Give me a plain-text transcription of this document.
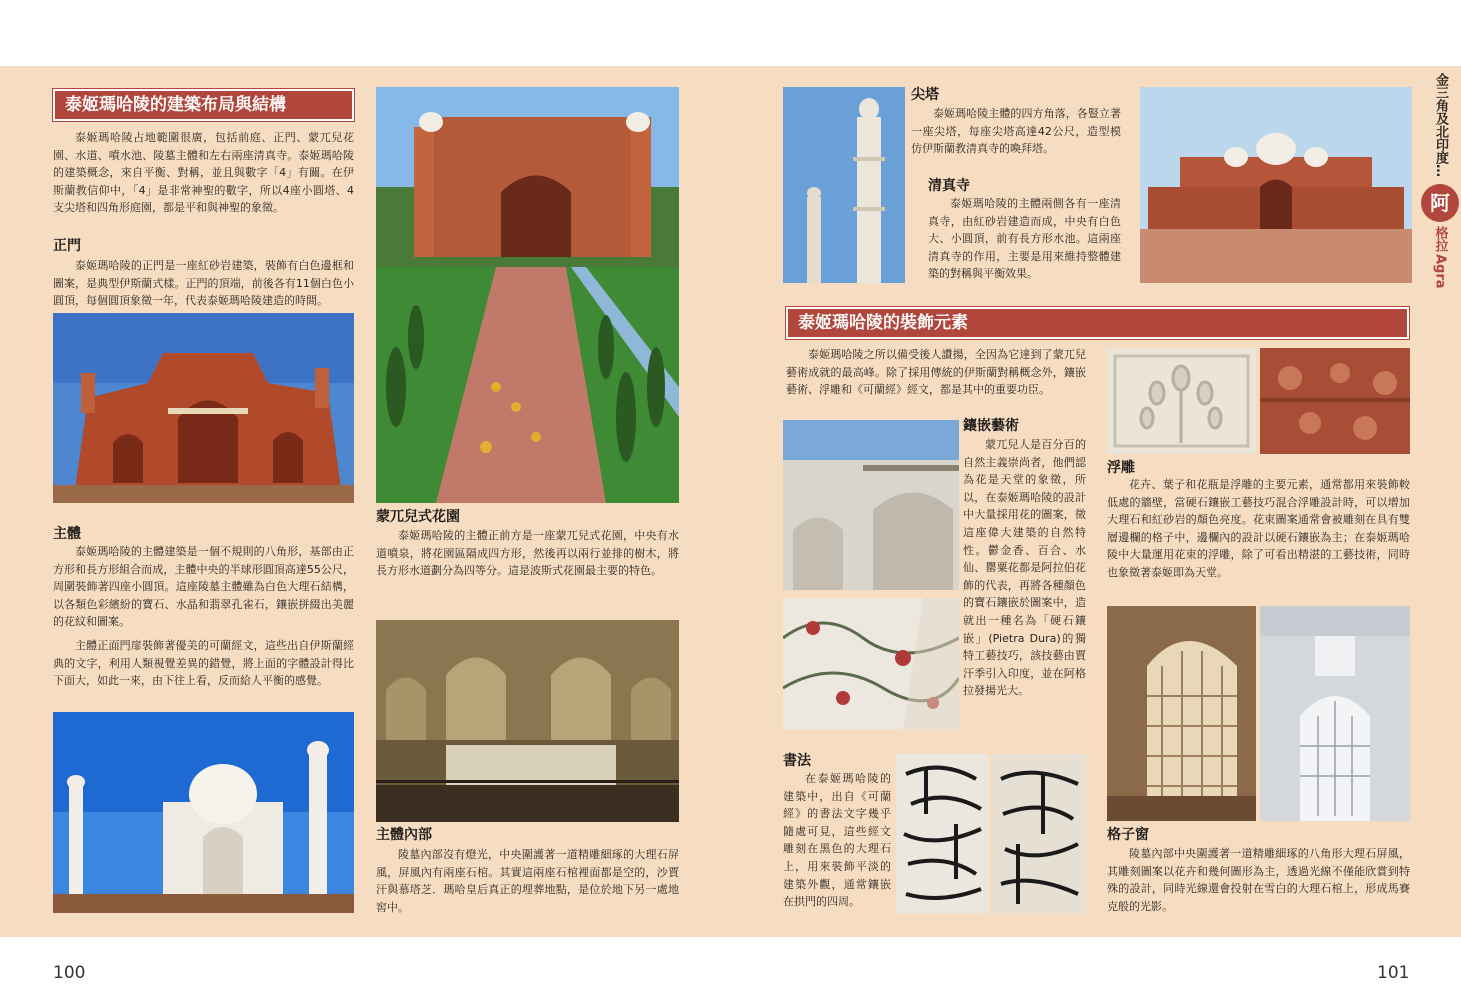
泰姬瑪哈陵的建築布局與結構
泰姬瑪哈陵占地範圍很廣，包括前庭、正門、蒙兀兒花園、水道、噴水池、陵墓主體和左右兩座清真寺。泰姬瑪哈陵的建築概念，來自平衡、對稱，並且與數字「4」有關。在伊斯蘭教信仰中，「4」是非常神聖的數字，所以4座小圓塔、4支尖塔和四角形庭園，都是平和與神聖的象徵。
正門
泰姬瑪哈陵的正門是一座紅砂岩建築，裝飾有白色邊框和圖案，是典型伊斯蘭式樣。正門的頂端，前後各有11個白色小圓頂，每個圓頂象徵一年，代表泰姬瑪哈陵建造的時間。
主體
泰姬瑪哈陵的主體建築是一個不規則的八角形，基部由正方形和長方形組合而成，主體中央的半球形圓頂高達55公尺，周圍裝飾著四座小圓頂。這座陵墓主體雖為白色大理石結構，以各類色彩繽紛的寶石、水晶和翡翠孔雀石，鑲嵌拼綴出美麗的花紋和圖案。
主體正面門扉裝飾著優美的可蘭經文，這些出自伊斯蘭經典的文字，利用人類視覺差異的錯覺，將上面的字體設計得比下面大，如此一來，由下往上看，反而給人平衡的感覺。
蒙兀兒式花園
泰姬瑪哈陵的主體正前方是一座蒙兀兒式花園，中央有水道噴泉，將花園區隔成四方形，然後再以兩行並排的樹木，將長方形水道劃分為四等分。這是波斯式花園最主要的特色。
主體內部
陵墓內部沒有燈光，中央圍護著一道精雕細琢的大理石屏風，屏風內有兩座石棺。其實這兩座石棺裡面都是空的，沙賈汗與慕塔芝．瑪哈皇后真正的埋葬地點，是位於地下另一處地窖中。
100
尖塔
泰姬瑪哈陵主體的四方角落，各豎立著一座尖塔，每座尖塔高達42公尺，造型模仿伊斯蘭教清真寺的喚拜塔。
清真寺
泰姬瑪哈陵的主體兩側各有一座清真寺，由紅砂岩建造而成，中央有白色大、小圓頂，前有長方形水池。這兩座清真寺的作用，主要是用來維持整體建築的對稱與平衡效果。
泰姬瑪哈陵的裝飾元素
泰姬瑪哈陵之所以備受後人讚揚，全因為它達到了蒙兀兒藝術成就的最高峰。除了採用傳統的伊斯蘭對稱概念外，鑲嵌藝術、浮雕和《可蘭經》經文，都是其中的重要功臣。
鑲嵌藝術
蒙兀兒人是百分百的自然主義崇尚者，他們認為花是天堂的象徵，所以，在泰姬瑪哈陵的設計中大量採用花的圖案，徵這座偉大建築的自然特性。鬱金香、百合、水仙、罌粟花都是阿拉伯花飾的代表，再將各種顏色的寶石鑲嵌於圖案中，造就出一種名為「硬石鑲嵌」(Pietra Dura)的獨特工藝技巧，該技藝由賈汗季引入印度，並在阿格拉發揚光大。
書法
在泰姬瑪哈陵的建築中，出自《可蘭經》的書法文字幾乎隨處可見，這些經文雕刻在黑色的大理石上，用來裝飾平淡的建築外觀，通常鑲嵌在拱門的四周。
浮雕
花卉、葉子和花瓶是浮雕的主要元素，通常都用來裝飾較低處的牆壁，當硬石鑲嵌工藝技巧混合浮雕設計時，可以增加大理石和紅砂岩的顏色亮度。花束圖案通常會被雕刻在具有雙層邊欄的格子中，邊欄內的設計以硬石鑲嵌為主；在泰姬瑪哈陵中大量運用花束的浮雕，除了可看出精湛的工藝技術，同時也象徵著泰姬即為天堂。
格子窗
陵墓內部中央圍護著一道精雕細琢的八角形大理石屏風，其雕刻圖案以花卉和幾何圖形為主，透過光線不僅能欣賞到特殊的設計，同時光線還會投射在雪白的大理石棺上，形成馬賽克般的光影。
金三角及北印度…
阿
格拉
Agra
101
